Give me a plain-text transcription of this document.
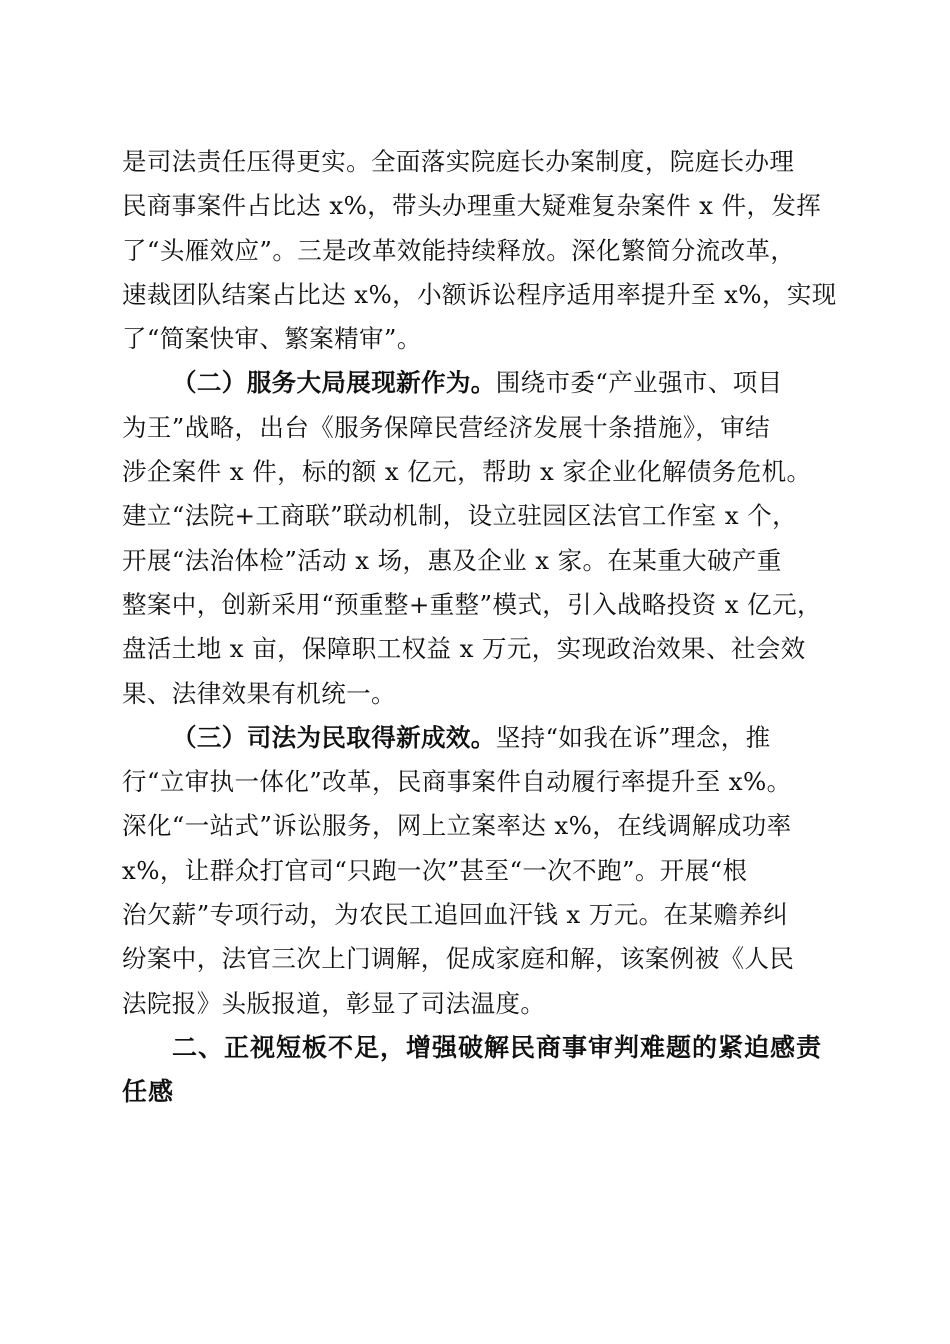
是司法责任压得更实。全面落实院庭长办案制度，院庭长办理
民商事案件占比达 x%，带头办理重大疑难复杂案件 x 件，发挥
了“头雁效应”。三是改革效能持续释放。深化繁简分流改革，
速裁团队结案占比达 x%，小额诉讼程序适用率提升至 x%，实现
了“简案快审、繁案精审”。
（二）服务大局展现新作为。围绕市委“产业强市、项目
为王”战略，出台《服务保障民营经济发展十条措施》，审结
涉企案件 x 件，标的额 x 亿元，帮助 x 家企业化解债务危机。
建立“法院+工商联”联动机制，设立驻园区法官工作室 x 个，
开展“法治体检”活动 x 场，惠及企业 x 家。在某重大破产重
整案中，创新采用“预重整+重整”模式，引入战略投资 x 亿元，
盘活土地 x 亩，保障职工权益 x 万元，实现政治效果、社会效
果、法律效果有机统一。
（三）司法为民取得新成效。坚持“如我在诉”理念，推
行“立审执一体化”改革，民商事案件自动履行率提升至 x%。
深化“一站式”诉讼服务，网上立案率达 x%，在线调解成功率
x%，让群众打官司“只跑一次”甚至“一次不跑”。开展“根
治欠薪”专项行动，为农民工追回血汗钱 x 万元。在某赡养纠
纷案中，法官三次上门调解，促成家庭和解，该案例被《人民
法院报》头版报道，彰显了司法温度。
二、正视短板不足，增强破解民商事审判难题的紧迫感责
任感
